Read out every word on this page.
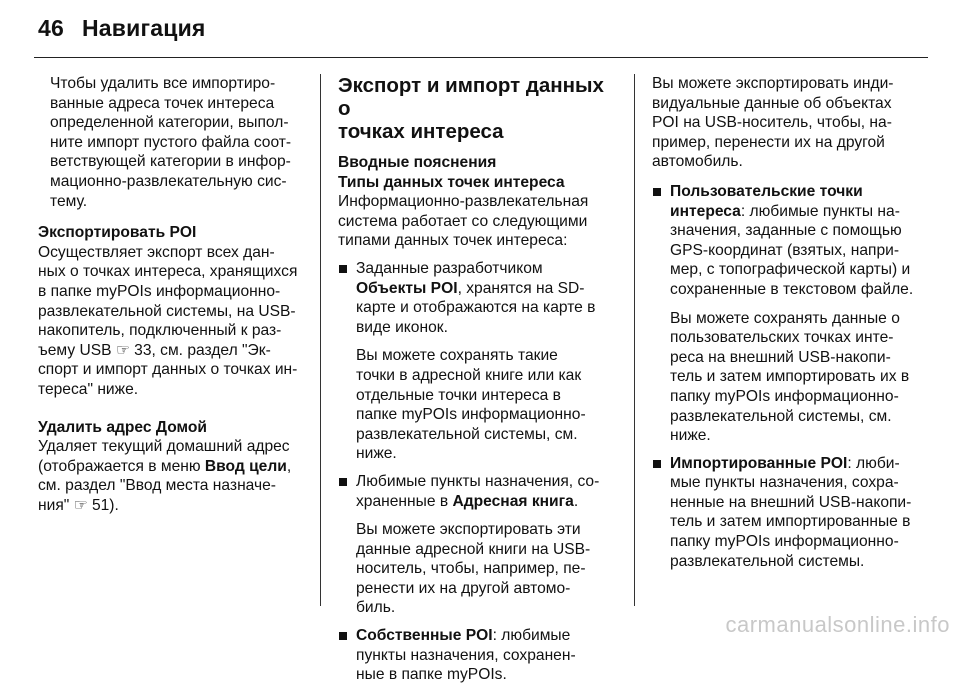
46 Навигация

Чтобы удалить все импортиро-
ванные адреса точек интереса
определенной категории, выпол-
ните импорт пустого файла соот-
ветствующей категории в инфор-
мационно-развлекательную сис-
тему.

Экспортировать POI

Осуществляет экспорт всех дан-
ных о точках интереса, хранящихся
в папке myPOIs информационно-
развлекательной системы, на USB-
накопитель, подключенный к раз-
ъему USB ☞ 33, см. раздел "Эк-
спорт и импорт данных о точках ин-
тереса" ниже.

Удалить адрес Домой

Удаляет текущий домашний адрес
(отображается в меню Ввод цели,
см. раздел "Ввод места назначе-
ния" ☞ 51).

Экспорт и импорт данных о
точках интереса

Вводные пояснения

Типы данных точек интереса

Информационно-развлекательная
система работает со следующими
типами данных точек интереса:

Заданные разработчиком
Объекты POI, хранятся на SD-
карте и отображаются на карте в
виде иконок.

Вы можете сохранять такие
точки в адресной книге или как
отдельные точки интереса в
папке myPOIs информационно-
развлекательной системы, см.
ниже.

Любимые пункты назначения, со-
храненные в Адресная книга.

Вы можете экспортировать эти
данные адресной книги на USB-
носитель, чтобы, например, пе-
ренести их на другой автомо-
биль.

Собственные POI: любимые
пункты назначения, сохранен-
ные в папке myPOIs.

Вы можете экспортировать инди-
видуальные данные об объектах
POI на USB-носитель, чтобы, на-
пример, перенести их на другой
автомобиль.

Пользовательские точки
интереса: любимые пункты на-
значения, заданные с помощью
GPS-координат (взятых, напри-
мер, с топографической карты) и
сохраненные в текстовом файле.

Вы можете сохранять данные о
пользовательских точках инте-
реса на внешний USB-накопи-
тель и затем импортировать их в
папку myPOIs информационно-
развлекательной системы, см.
ниже.

Импортированные POI: люби-
мые пункты назначения, сохра-
ненные на внешний USB-накопи-
тель и затем импортированные в
папку myPOIs информационно-
развлекательной системы.

carmanualsonline.info
